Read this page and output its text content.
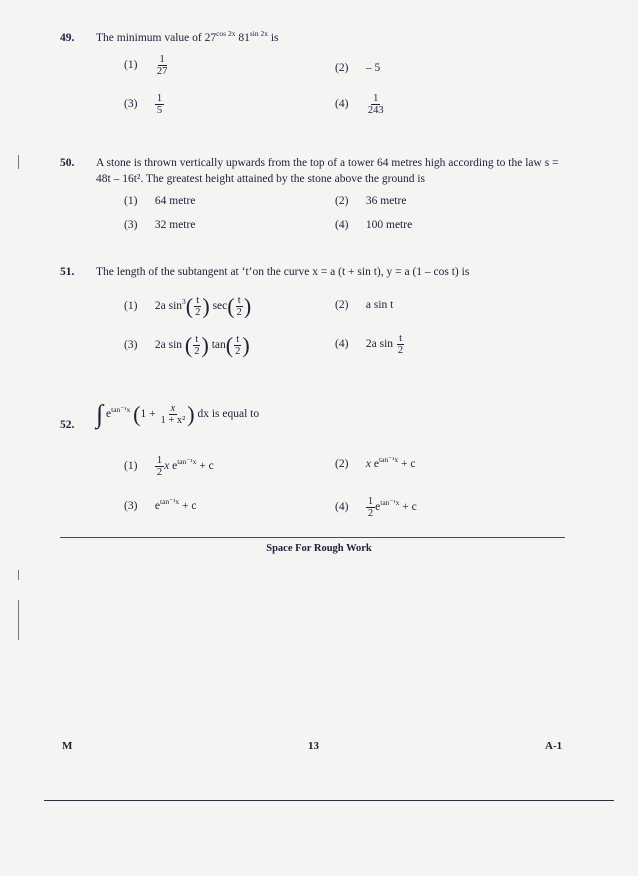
49. The minimum value of $27^{cos 2x}$ $81^{sin 2x}$ is
$(1) \frac{1}{27}$	(2) – 5
$(3) \frac{1}{5}$	$(4) \frac{1}{243}$
50. A stone is thrown vertically upwards from the top of a tower 64 metres high according to the law s = 48t – 16t². The greatest height attained by the stone above the ground is
(1) 64 metre	(2) 36 metre
(3) 32 metre	(4) 100 metre
51. The length of the subtangent at ‘t’on the curve x = a (t + sin t), y = a (1 – cos t) is
(1) 2a $\sin^3( \frac{t}{2}$ ) $\sec( \frac{t}{2}$ )	(2) a sin t
(3) 2a sin ( $\frac{t}{2}$ ) $\tan( \frac{t}{2}$ )	(4) 2a $\sin \frac{t}{2}$
52. ∫ $e^{tan^{-1}x}$ ($1 + \frac{x}{\text{1 + x²}}$ ) dx is equal to
$(1) \frac{1}{2}$ x $e^{tan^{-1}x} + c$	(2) x $e^{tan^{-1}x} + c$
(3) $e^{tan^{-1}x} + c$	$(4) \frac{1}{2} e^{tan^{-1}x} + c$
Space For Rough Work
M	13	A-1
